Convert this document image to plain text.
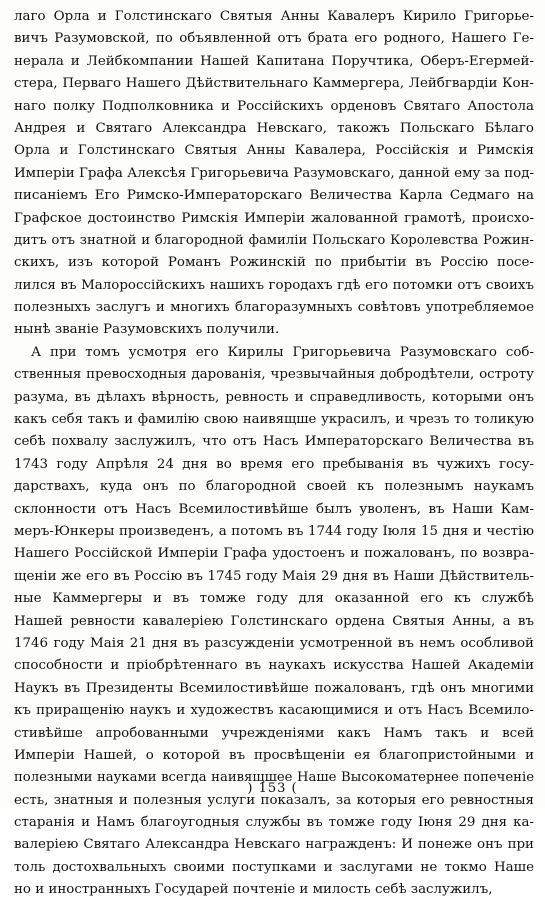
лаго Орла и Голстинскаго Святыя Анны Кавалеръ Кирило Григорье-
вичъ Разумовской, по объявленной отъ брата его родного, Нашего Ге-
нерала и Лейбкомпании Нашей Капитана Поручтика, Оберъ-Егермей-
стера, Перваго Нашего Дѣйствительнаго Каммергера, Лейбгвардіи Кон-
наго полку Подполковника и Россійскихъ орденовъ Святаго Апостола
Андрея и Святаго Александра Невскаго, такожъ Польскаго Бѣлаго
Орла и Голстинскаго Святыя Анны Кавалера, Россійскія и Римскія
Имперіи Графа Алексѣя Григорьевича Разумовскаго, данной ему за под-
писаніемъ Его Римско-Императорскаго Величества Карла Седмаго на
Графское достоинство Римскія Имперіи жалованной грамотѣ, происхо-
дитъ отъ знатной и благородной фамиліи Польскаго Королевства Рожин-
скихъ, изъ которой Романъ Рожинскій по прибытіи въ Россію посе-
лился въ Малороссійскихъ нашихъ городахъ гдѣ его потомки отъ своихъ
полезныхъ заслугъ и многихъ благоразумныхъ совѣтовъ употребляемое
нынѣ званіе Разумовскихъ получили.
А при томъ усмотря его Кирилы Григорьевича Разумовскаго соб-
ственныя превосходныя дарованія, чрезвычайныя добродѣтели, остроту
разума, въ дѣлахъ вѣрность, ревность и справедливость, которыми онъ
какъ себя такъ и фамилію свою наивящше украсилъ, и чрезъ то толикую
себѣ похвалу заслужилъ, что отъ Насъ Императорскаго Величества въ
1743 году Апрѣля 24 дня во время его пребыванія въ чужихъ госу-
дарствахъ, куда онъ по благородной своей къ полезнымъ наукамъ
склонности отъ Насъ Всемилостивѣйше былъ уволенъ, въ Наши Кам-
меръ-Юнкеры произведенъ, а потомъ въ 1744 году Іюля 15 дня и честію
Нашего Россійской Имперіи Графа удостоенъ и пожалованъ, по возвра-
щеніи же его въ Россію въ 1745 году Маія 29 дня въ Наши Дѣйствитель-
ные Каммергеры и въ томже году для оказанной его къ службѣ
Нашей ревности кавалеріею Голстинскаго ордена Святыя Анны, а въ
1746 году Маія 21 дня въ разсужденіи усмотренной въ немъ особливой
способности и пріобрѣтеннаго въ наукахъ искусства Нашей Академіи
Наукъ въ Президенты Всемилостивѣйше пожалованъ, гдѣ онъ многими
къ приращенію наукъ и художествъ касающимися и отъ Насъ Всемило-
стивѣйше апробованными учрежденіями какъ Намъ такъ и всей
Имперіи Нашей, о которой въ просвѣщеніи ея благопристойными и
полезными науками всегда наивящшее Наше Высокоматернее попеченіе
есть, знатныя и полезныя услуги показалъ, за которыя его ревностныя
старанія и Намъ благоугодныя службы въ томже году Іюня 29 дня ка-
валеріею Святаго Александра Невскаго награжденъ: И понеже онъ при
толь достохвальныхъ своими поступками и заслугами не токмо Наше
но и иностранныхъ Государей почтеніе и милость себѣ заслужилъ,
) 153 (
